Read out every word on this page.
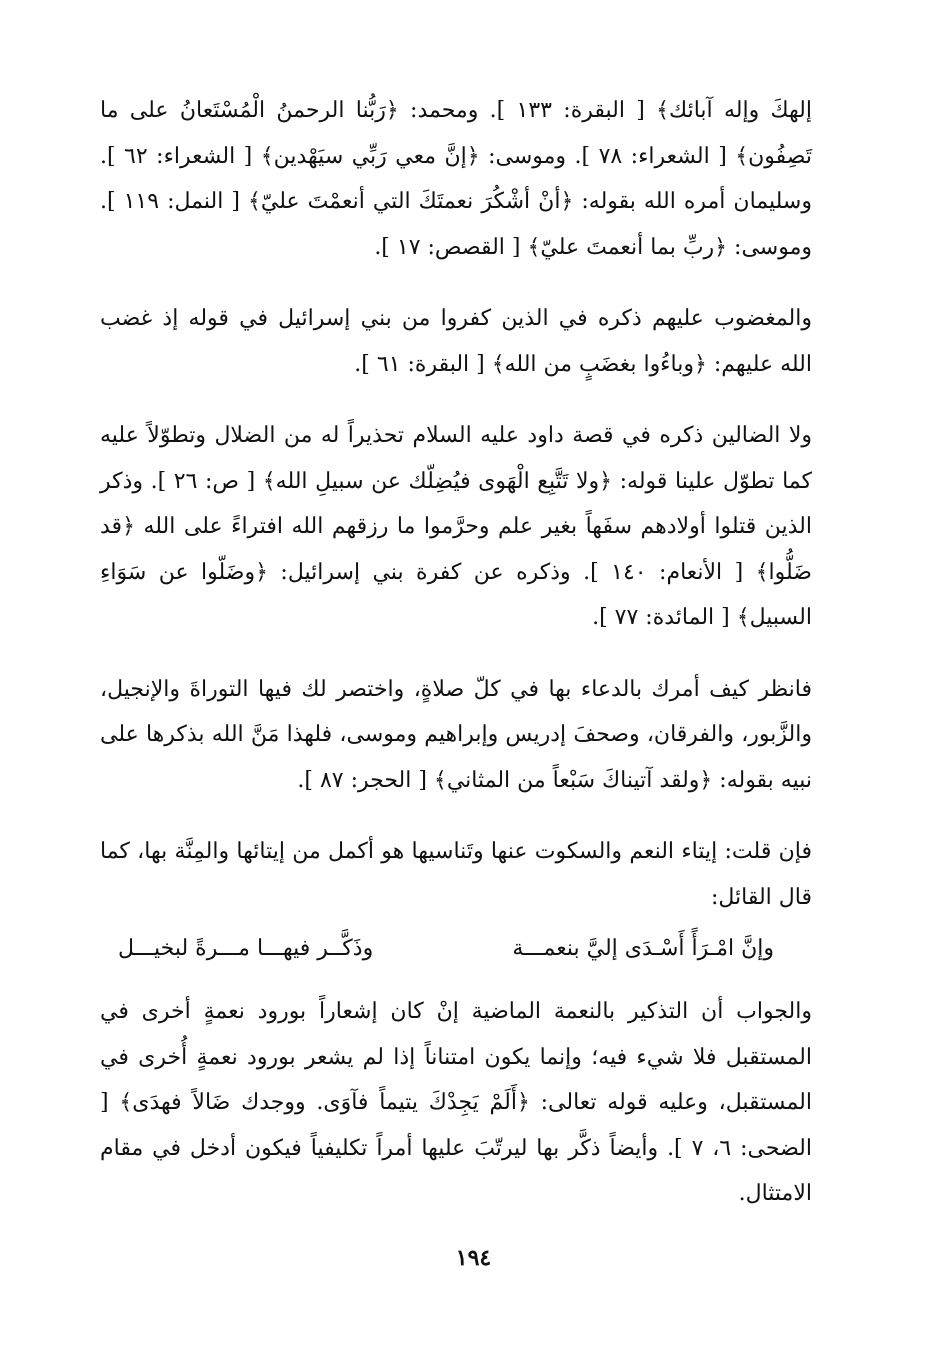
إلهكَ وإله آبائك﴾ [ البقرة: ١٣٣ ]. ومحمد: ﴿رَبُّنا الرحمنُ الْمُسْتَعانُ على ما تَصِفُون﴾ [ الشعراء: ٧٨ ]. وموسى: ﴿إنَّ معي رَبِّي سيَهْدين﴾ [ الشعراء: ٦٢ ]. وسليمان أمره الله بقوله: ﴿أنْ أشْكُرَ نعمتَكَ التي أنعمْتَ عليّ﴾ [ النمل: ١١٩ ]. وموسى: ﴿ربِّ بما أنعمتَ عليّ﴾ [ القصص: ١٧ ].

والمغضوب عليهم ذكره في الذين كفروا من بني إسرائيل في قوله إذ غضب الله عليهم: ﴿وباءُوا بغضَبٍ من الله﴾ [ البقرة: ٦١ ].

ولا الضالين ذكره في قصة داود عليه السلام تحذيراً له من الضلال وتطوّلاً عليه كما تطوّل علينا قوله: ﴿ولا تَتَّبِع الْهَوى فيُضِلّك عن سبيلِ الله﴾ [ ص: ٢٦ ]. وذكر الذين قتلوا أولادهم سفَهاً بغير علم وحرَّموا ما رزقهم الله افتراءً على الله ﴿قد ضَلُّوا﴾ [ الأنعام: ١٤٠ ]. وذكره عن كفرة بني إسرائيل: ﴿وضَلّوا عن سَوَاءِ السبيل﴾ [ المائدة: ٧٧ ].

فانظر كيف أمرك بالدعاء بها في كلّ صلاةٍ، واختصر لك فيها التوراةَ والإنجيل، والزَّبور، والفرقان، وصحفَ إدريس وإبراهيم وموسى، فلهذا مَنَّ الله بذكرها على نبيه بقوله: ﴿ولقد آتيناكَ سَبْعاً من المثاني﴾ [ الحجر: ٨٧ ].

فإن قلت: إيتاء النعم والسكوت عنها وتَناسيها هو أكمل من إيتائها والمِنَّة بها، كما قال القائل:

وإنَّ امْـرَأً أَسْـدَى إليَّ بنعمـــة
وذَكَّــر فيهـــا مـــرةً لبخيـــل

والجواب أن التذكير بالنعمة الماضية إنْ كان إشعاراً بورود نعمةٍ أخرى في المستقبل فلا شيء فيه؛ وإنما يكون امتناناً إذا لم يشعر بورود نعمةٍ أُخرى في المستقبل، وعليه قوله تعالى: ﴿أَلَمْ يَجِدْكَ يتيماً فآوَى. ووجدك ضَالاً فهدَى﴾ [ الضحى: ٦، ٧ ]. وأيضاً ذكَّر بها ليرتّبَ عليها أمراً تكليفياً فيكون أدخل في مقام الامتثال.

١٩٤
